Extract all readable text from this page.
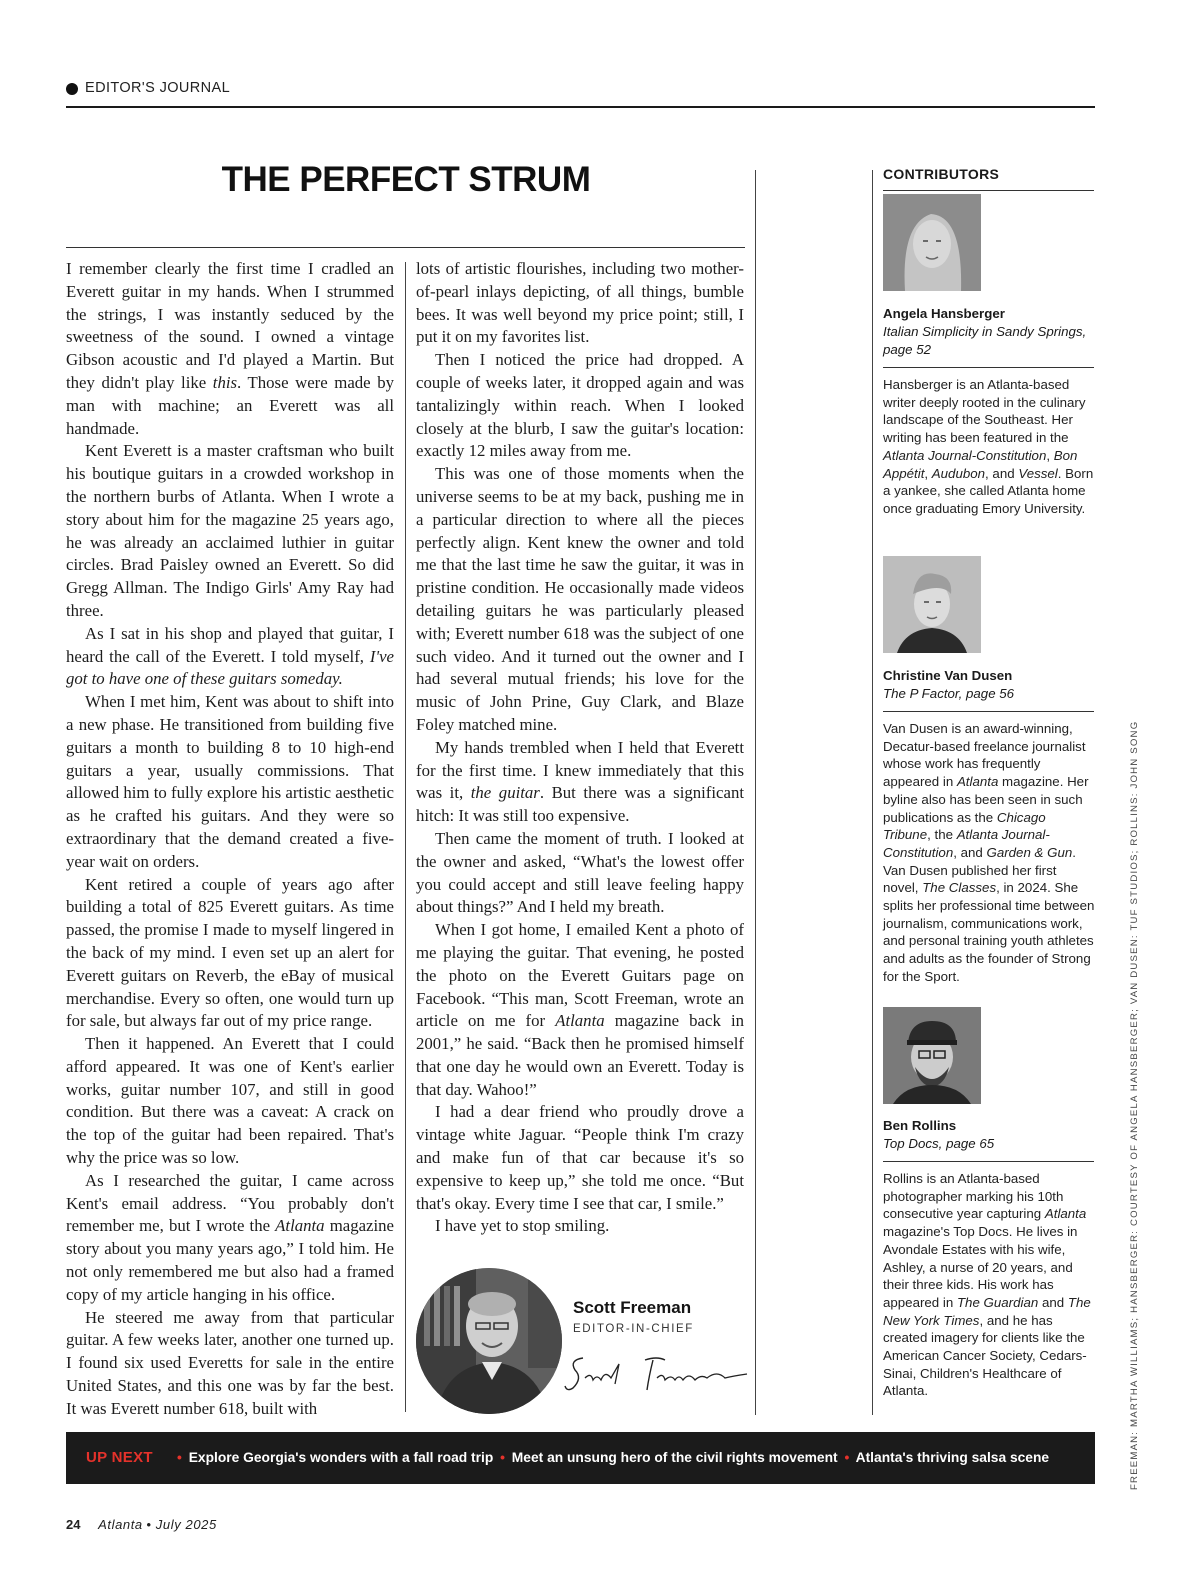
EDITOR'S JOURNAL
THE PERFECT STRUM

I remember clearly the first time I cradled an Everett guitar in my hands. When I strummed the strings, I was instantly seduced by the sweetness of the sound. I owned a vintage Gibson acoustic and I'd played a Martin. But they didn't play like this. Those were made by man with machine; an Everett was all handmade.

Kent Everett is a master craftsman who built his boutique guitars in a crowded workshop in the northern burbs of Atlanta. When I wrote a story about him for the magazine 25 years ago, he was already an acclaimed luthier in guitar circles. Brad Paisley owned an Everett. So did Gregg Allman. The Indigo Girls' Amy Ray had three.

As I sat in his shop and played that guitar, I heard the call of the Everett. I told myself, I've got to have one of these guitars someday.

When I met him, Kent was about to shift into a new phase. He transitioned from building five guitars a month to building 8 to 10 high-end guitars a year, usually commissions. That allowed him to fully explore his artistic aesthetic as he crafted his guitars. And they were so extraordinary that the demand created a five-year wait on orders.

Kent retired a couple of years ago after building a total of 825 Everett guitars. As time passed, the promise I made to myself lingered in the back of my mind. I even set up an alert for Everett guitars on Reverb, the eBay of musical merchandise. Every so often, one would turn up for sale, but always far out of my price range.

Then it happened. An Everett that I could afford appeared. It was one of Kent's earlier works, guitar number 107, and still in good condition. But there was a caveat: A crack on the top of the guitar had been repaired. That's why the price was so low.

As I researched the guitar, I came across Kent's email address. “You probably don't remember me, but I wrote the Atlanta magazine story about you many years ago,” I told him. He not only remembered me but also had a framed copy of my article hanging in his office.

He steered me away from that particular guitar. A few weeks later, another one turned up. I found six used Everetts for sale in the entire United States, and this one was by far the best. It was Everett number 618, built with

lots of artistic flourishes, including two mother-of-pearl inlays depicting, of all things, bumble bees. It was well beyond my price point; still, I put it on my favorites list.

Then I noticed the price had dropped. A couple of weeks later, it dropped again and was tantalizingly within reach. When I looked closely at the blurb, I saw the guitar's location: exactly 12 miles away from me.

This was one of those moments when the universe seems to be at my back, pushing me in a particular direction to where all the pieces perfectly align. Kent knew the owner and told me that the last time he saw the guitar, it was in pristine condition. He occasionally made videos detailing guitars he was particularly pleased with; Everett number 618 was the subject of one such video. And it turned out the owner and I had several mutual friends; his love for the music of John Prine, Guy Clark, and Blaze Foley matched mine.

My hands trembled when I held that Everett for the first time. I knew immediately that this was it, the guitar. But there was a significant hitch: It was still too expensive.

Then came the moment of truth. I looked at the owner and asked, “What's the lowest offer you could accept and still leave feeling happy about things?” And I held my breath.

When I got home, I emailed Kent a photo of me playing the guitar. That evening, he posted the photo on the Everett Guitars page on Facebook. “This man, Scott Freeman, wrote an article on me for Atlanta magazine back in 2001,” he said. “Back then he promised himself that one day he would own an Everett. Today is that day. Wahoo!”

I had a dear friend who proudly drove a vintage white Jaguar. “People think I'm crazy and make fun of that car because it's so expensive to keep up,” she told me once. “But that's okay. Every time I see that car, I smile.”

I have yet to stop smiling.

Scott Freeman
EDITOR-IN-CHIEF
CONTRIBUTORS
Angela Hansberger
Italian Simplicity in Sandy Springs, page 52
Hansberger is an Atlanta-based writer deeply rooted in the culinary landscape of the Southeast. Her writing has been featured in the Atlanta Journal-Constitution, Bon Appétit, Audubon, and Vessel. Born a yankee, she called Atlanta home once graduating Emory University.
Christine Van Dusen
The P Factor, page 56
Van Dusen is an award-winning, Decatur-based freelance journalist whose work has frequently appeared in Atlanta magazine. Her byline also has been seen in such publications as the Chicago Tribune, the Atlanta Journal-Constitution, and Garden & Gun. Van Dusen published her first novel, The Classes, in 2024. She splits her professional time between journalism, communications work, and personal training youth athletes and adults as the founder of Strong for the Sport.
Ben Rollins
Top Docs, page 65
Rollins is an Atlanta-based photographer marking his 10th consecutive year capturing Atlanta magazine's Top Docs. He lives in Avondale Estates with his wife, Ashley, a nurse of 20 years, and their three kids. His work has appeared in The Guardian and The New York Times, and he has created imagery for clients like the American Cancer Society, Cedars-Sinai, Children's Healthcare of Atlanta.	FREEMAN: MARTHA WILLIAMS; HANSBERGER: COURTESY OF ANGELA HANSBERGER; VAN DUSEN: TUF STUDIOS; ROLLINS: JOHN SONG
UP NEXT • Explore Georgia's wonders with a fall road trip • Meet an unsung hero of the civil rights movement • Atlanta's thriving salsa scene
24 Atlanta • July 2025
